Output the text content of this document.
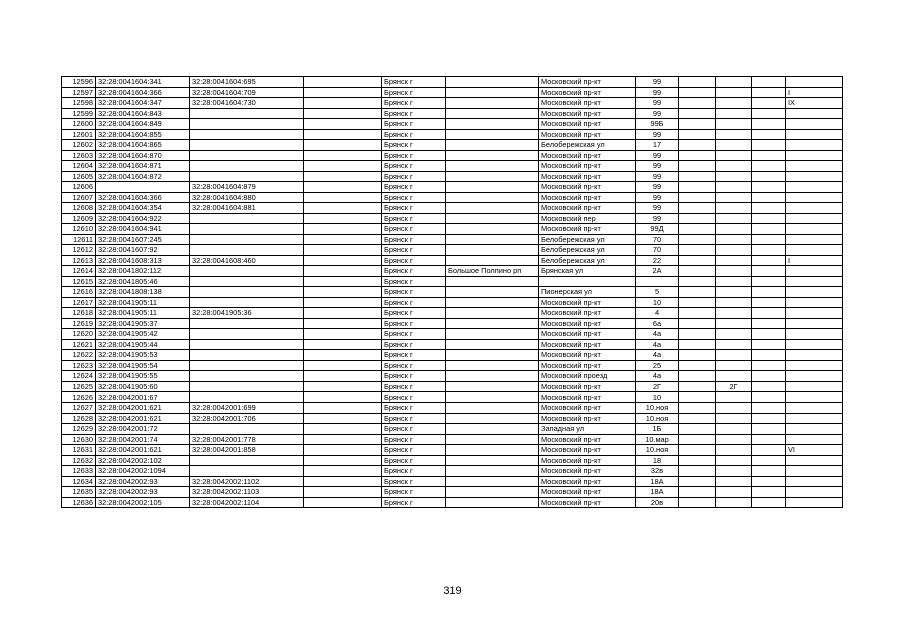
12596	32:28:0041604:341	32:28:0041604:695		Брянск г		Московский пр-кт	99				
12597	32:28:0041604:366	32:28:0041604:709		Брянск г		Московский пр-кт	99				I
12598	32:28:0041604:347	32:28:0041604:730		Брянск г		Московский пр-кт	99				IX
12599	32:28:0041604:843			Брянск г		Московский пр-кт	99				
12600	32:28:0041604:849			Брянск г		Московский пр-кт	99Б				
12601	32:28:0041604:855			Брянск г		Московский пр-кт	99				
12602	32:28:0041604:865			Брянск г		Белобережская ул	17				
12603	32:28:0041604:870			Брянск г		Московский пр-кт	99				
12604	32:28:0041604:871			Брянск г		Московский пр-кт	99				
12605	32:28:0041604:872			Брянск г		Московский пр-кт	99				
12606		32:28:0041604:879		Брянск г		Московский пр-кт	99				
12607	32:28:0041604:366	32:28:0041604:880		Брянск г		Московский пр-кт	99				
12608	32:28:0041604:354	32:28:0041604:881		Брянск г		Московский пр-кт	99				
12609	32:28:0041604:922			Брянск г		Московский пер	99				
12610	32:28:0041604:941			Брянск г		Московский пр-кт	99Д				
12611	32:28:0041607:245			Брянск г		Белобережская ул	70				
12612	32:28:0041607:92			Брянск г		Белобережская ул	70				
12613	32:28:0041608:313	32:28:0041608:460		Брянск г		Белобережская ул	22				I
12614	32:28:0041802:112			Брянск г	Большое Полпино рп	Брянская ул	2А				
12615	32:28:0041805:46			Брянск г							
12616	32:28:0041808:138			Брянск г		Пионерская ул	5				
12617	32:28:0041905:11			Брянск г		Московский пр-кт	10				
12618	32:28:0041905:11	32:28:0041905:36		Брянск г		Московский пр-кт	4				
12619	32:28:0041905:37			Брянск г		Московский пр-кт	6а				
12620	32:28:0041905:42			Брянск г		Московский пр-кт	4а				
12621	32:28:0041905:44			Брянск г		Московский пр-кт	4а				
12622	32:28:0041905:53			Брянск г		Московский пр-кт	4а				
12623	32:28:0041905:54			Брянск г		Московский пр-кт	25				
12624	32:28:0041905:55			Брянск г		Московский проезд	4а				
12625	32:28:0041905:60			Брянск г		Московский пр-кт	2Г		2Г		
12626	32:28:0042001:67			Брянск г		Московский пр-кт	10				
12627	32:28:0042001:621	32:28:0042001:699		Брянск г		Московский пр-кт	10.ноя				
12628	32:28:0042001:621	32:28:0042001:706		Брянск г		Московский пр-кт	10.ноя				
12629	32:28:0042001:72			Брянск г		Западная ул	1Б				
12630	32:28:0042001:74	32:28:0042001:778		Брянск г		Московский пр-кт	10.мар				
12631	32:28:0042001:621	32:28:0042001:858		Брянск г		Московский пр-кт	10.ноя				VI
12632	32:28:0042002:102			Брянск г		Московский пр-кт	18				
12633	32:28:0042002:1094			Брянск г		Московский пр-кт	32в				
12634	32:28:0042002:93	32:28:0042002:1102		Брянск г		Московский пр-кт	18А				
12635	32:28:0042002:93	32:28:0042002:1103		Брянск г		Московский пр-кт	18А				
12636	32:28:0042002:105	32:28:0042002:1104		Брянск г		Московский пр-кт	20в				
319
